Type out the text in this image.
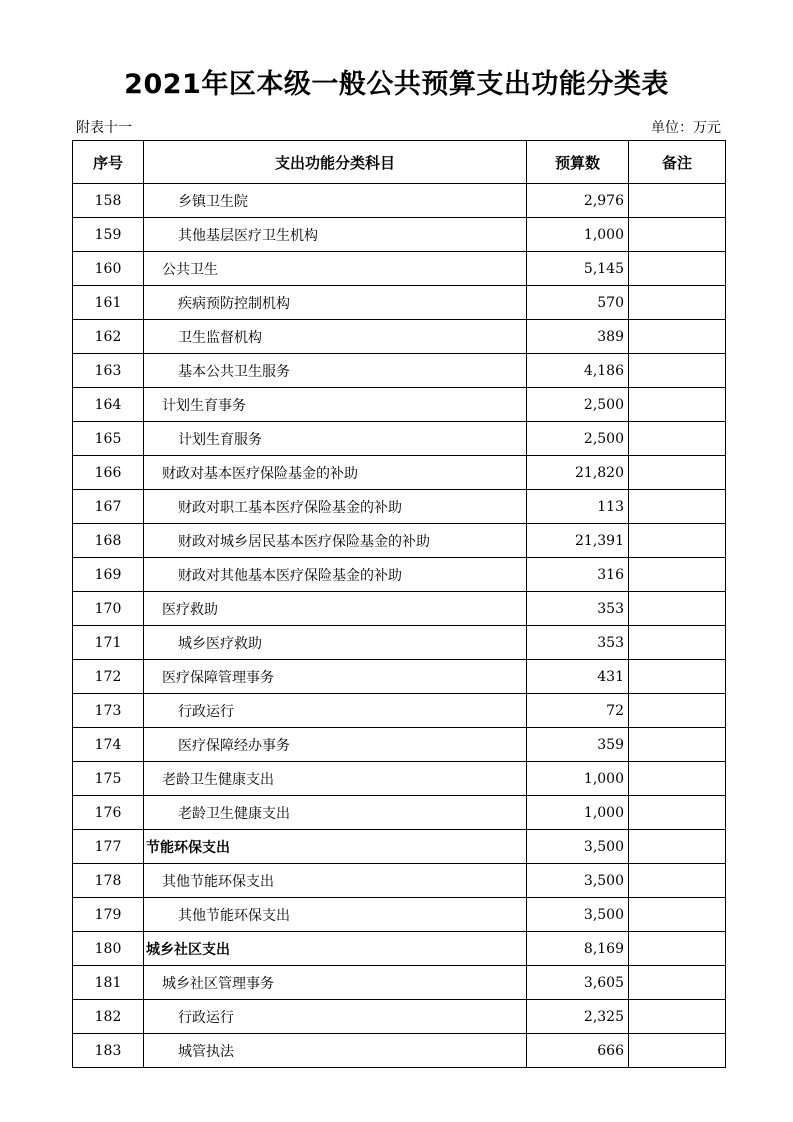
2021年区本级一般公共预算支出功能分类表
附表十一	单位：万元
序号	支出功能分类科目	预算数	备注
158	乡镇卫生院	2,976	
159	其他基层医疗卫生机构	1,000	
160	公共卫生	5,145	
161	疾病预防控制机构	570	
162	卫生监督机构	389	
163	基本公共卫生服务	4,186	
164	计划生育事务	2,500	
165	计划生育服务	2,500	
166	财政对基本医疗保险基金的补助	21,820	
167	财政对职工基本医疗保险基金的补助	113	
168	财政对城乡居民基本医疗保险基金的补助	21,391	
169	财政对其他基本医疗保险基金的补助	316	
170	医疗救助	353	
171	城乡医疗救助	353	
172	医疗保障管理事务	431	
173	行政运行	72	
174	医疗保障经办事务	359	
175	老龄卫生健康支出	1,000	
176	老龄卫生健康支出	1,000	
177	节能环保支出	3,500	
178	其他节能环保支出	3,500	
179	其他节能环保支出	3,500	
180	城乡社区支出	8,169	
181	城乡社区管理事务	3,605	
182	行政运行	2,325	
183	城管执法	666	
